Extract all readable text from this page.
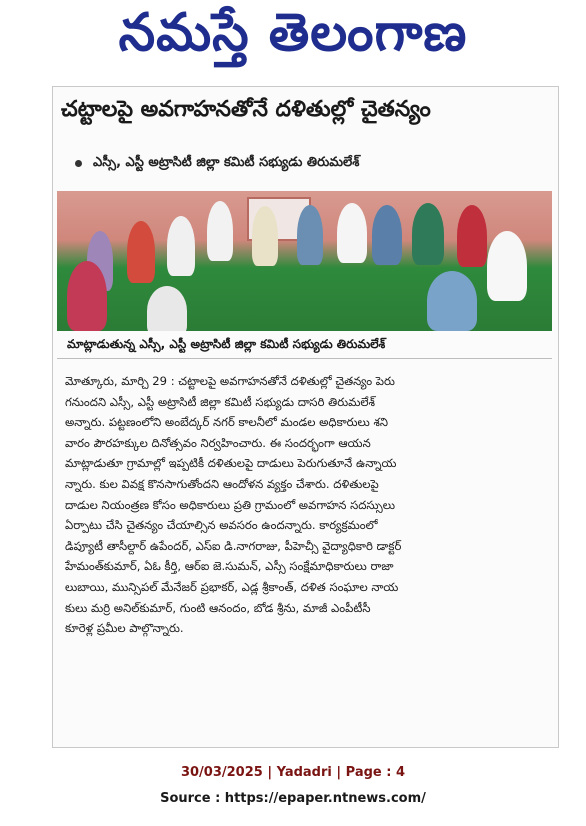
నమస్తే తెలంగాణ
చట్టాలపై అవగాహనతోనే దళితుల్లో చైతన్యం
ఎస్సీ, ఎస్టీ అట్రాసిటీ జిల్లా కమిటీ సభ్యుడు తిరుమలేశ్
మాట్లాడుతున్న ఎస్సీ, ఎస్టీ అట్రాసిటీ జిల్లా కమిటీ సభ్యుడు తిరుమలేశ్
మోత్కూరు, మార్చి 29 : చట్టాలపై అవగాహనతోనే దళితుల్లో చైతన్యం పెరు
గనుందని ఎస్సీ, ఎస్టీ అట్రాసిటీ జిల్లా కమిటీ సభ్యుడు దాసరి తిరుమలేశ్
అన్నారు. పట్టణంలోని అంబేద్కర్ నగర్ కాలనీలో మండల అధికారులు శని
వారం పౌరహక్కుల దినోత్సవం నిర్వహించారు. ఈ సందర్భంగా ఆయన
మాట్లాడుతూ గ్రామాల్లో ఇప్పటికీ దళితులపై దాడులు పెరుగుతూనే ఉన్నాయ
న్నారు. కుల వివక్ష కొనసాగుతోందని ఆందోళన వ్యక్తం చేశారు. దళితులపై
దాడుల నియంత్రణ కోసం అధికారులు ప్రతి గ్రామంలో అవగాహన సదస్సులు
ఏర్పాటు చేసి చైతన్యం చేయాల్సిన అవసరం ఉందన్నారు. కార్యక్రమంలో
డిప్యూటీ తాసీల్దార్ ఉపేందర్, ఎస్ఐ డి.నాగరాజు, పీహెచ్సీ వైద్యాధికారి డాక్టర్
హేమంత్‌కుమార్, ఏఓ కీర్తి, ఆర్ఐ జె.సుమన్, ఎస్సీ సంక్షేమాధికారులు రాజా
లుబాయి, మున్సిపల్ మేనేజర్ ప్రభాకర్, ఎడ్ల శ్రీకాంత్, దళిత సంఘాల నాయ
కులు మర్రి అనిల్‌కుమార్, గుంటి ఆనందం, బోడ శ్రీను, మాజీ ఎంపీటీసీ
కూరెళ్ల ప్రమీల పాల్గొన్నారు.
30/03/2025 | Yadadri | Page : 4
Source : https://epaper.ntnews.com/
